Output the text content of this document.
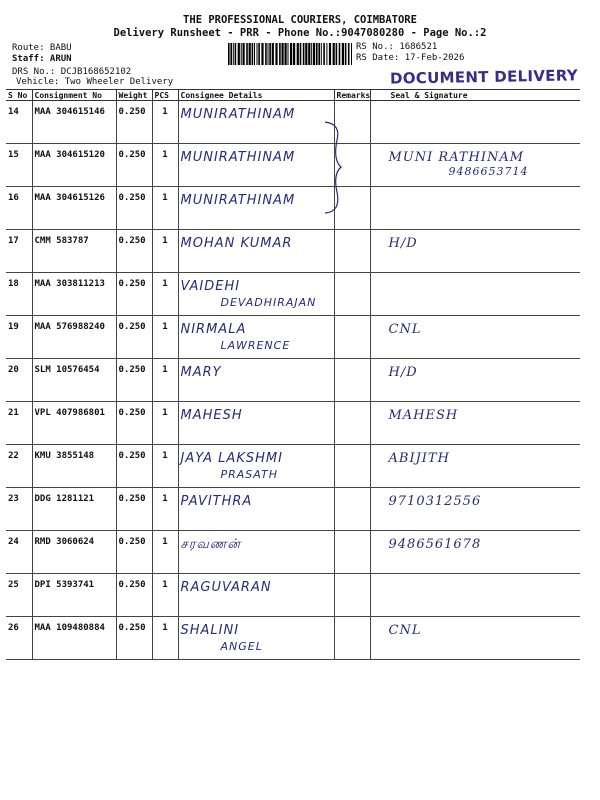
THE PROFESSIONAL COURIERS, COIMBATORE
Delivery Runsheet - PRR - Phone No.:9047080280 - Page No.:2
Route: BABU
Staff: ARUN
DRS No.: DCJB168652102
Vehicle: Two Wheeler Delivery
RS No.: 1686521
RS Date: 17-Feb-2026
DOCUMENT DELIVERY
S No	Consignment No	Weight	PCS	Consignee Details	Remarks	Seal & Signature
14	MAA 304615146	0.250	1	MUNIRATHINAM

15	MAA 304615120	0.250	1	MUNIRATHINAM		MUNI RATHINAM
9486653714

16	MAA 304615126	0.250	1	MUNIRATHINAM

17	CMM 583787	0.250	1	MOHAN KUMAR		H/D

18	MAA 303811213	0.250	1	VAIDEHI
DEVADHIRAJAN		

19	MAA 576988240	0.250	1	NIRMALA
LAWRENCE		CNL

20	SLM 10576454	0.250	1	MARY		H/D

21	VPL 407986801	0.250	1	MAHESH		MAHESH

22	KMU 3855148	0.250	1	JAYA LAKSHMI
PRASATH		ABIJITH

23	DDG 1281121	0.250	1	PAVITHRA		9710312556

24	RMD 3060624	0.250	1	சரவணன்		9486561678

25	DPI 5393741	0.250	1	RAGUVARAN

26	MAA 109480884	0.250	1	SHALINI
ANGEL		CNL
